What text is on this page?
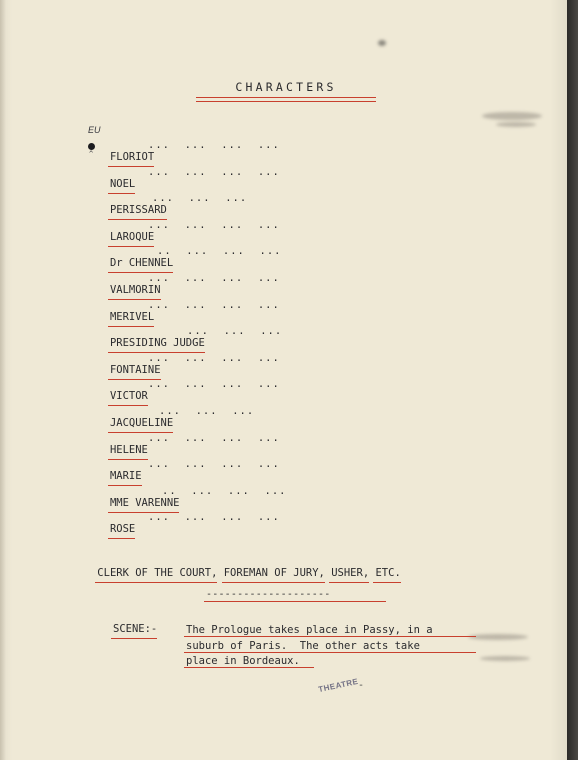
CHARACTERS
EU
^	FLORIOT

...  ...  ...  ...

NOEL

...  ...  ...  ...

PERISSARD

...  ...  ...

LAROQUE

...  ...  ...  ...

Dr CHENNEL

..  ...  ...  ...

VALMORIN

...  ...  ...  ...

MERIVEL

...  ...  ...  ...

PRESIDING JUDGE

...  ...  ...

FONTAINE

...  ...  ...  ...

VICTOR

...  ...  ...  ...

JACQUELINE

...  ...  ...

HELENE

...  ...  ...  ...

MARIE

...  ...  ...  ...

MME VARENNE

..  ...  ...  ...

ROSE

...  ...  ...  ...

CLERK OF THE COURT, FOREMAN OF JURY, USHER, ETC.

--------------------
SCENE:-	The Prologue takes place in Passy, in a
suburb of Paris.  The other acts take
place in Bordeaux.
THEATRE
-
